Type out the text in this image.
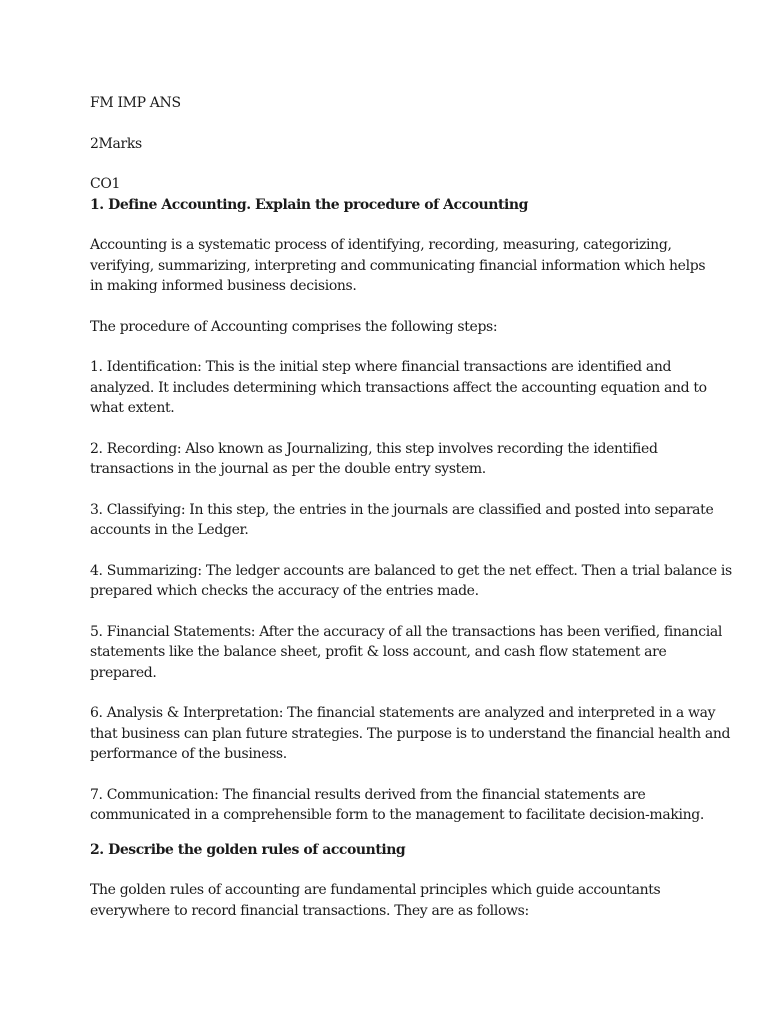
FM IMP ANS

2Marks

CO1

1. Define Accounting. Explain the procedure of Accounting

Accounting is a systematic process of identifying, recording, measuring, categorizing,

verifying, summarizing, interpreting and communicating financial information which helps

in making informed business decisions.

The procedure of Accounting comprises the following steps:

1. Identification: This is the initial step where financial transactions are identified and

analyzed. It includes determining which transactions affect the accounting equation and to

what extent.

2. Recording: Also known as Journalizing, this step involves recording the identified

transactions in the journal as per the double entry system.

3. Classifying: In this step, the entries in the journals are classified and posted into separate

accounts in the Ledger.

4. Summarizing: The ledger accounts are balanced to get the net effect. Then a trial balance is

prepared which checks the accuracy of the entries made.

5. Financial Statements: After the accuracy of all the transactions has been verified, financial

statements like the balance sheet, profit & loss account, and cash flow statement are

prepared.

6. Analysis & Interpretation: The financial statements are analyzed and interpreted in a way

that business can plan future strategies. The purpose is to understand the financial health and

performance of the business.

7. Communication: The financial results derived from the financial statements are

communicated in a comprehensible form to the management to facilitate decision-making.

2. Describe the golden rules of accounting

The golden rules of accounting are fundamental principles which guide accountants

everywhere to record financial transactions. They are as follows:
